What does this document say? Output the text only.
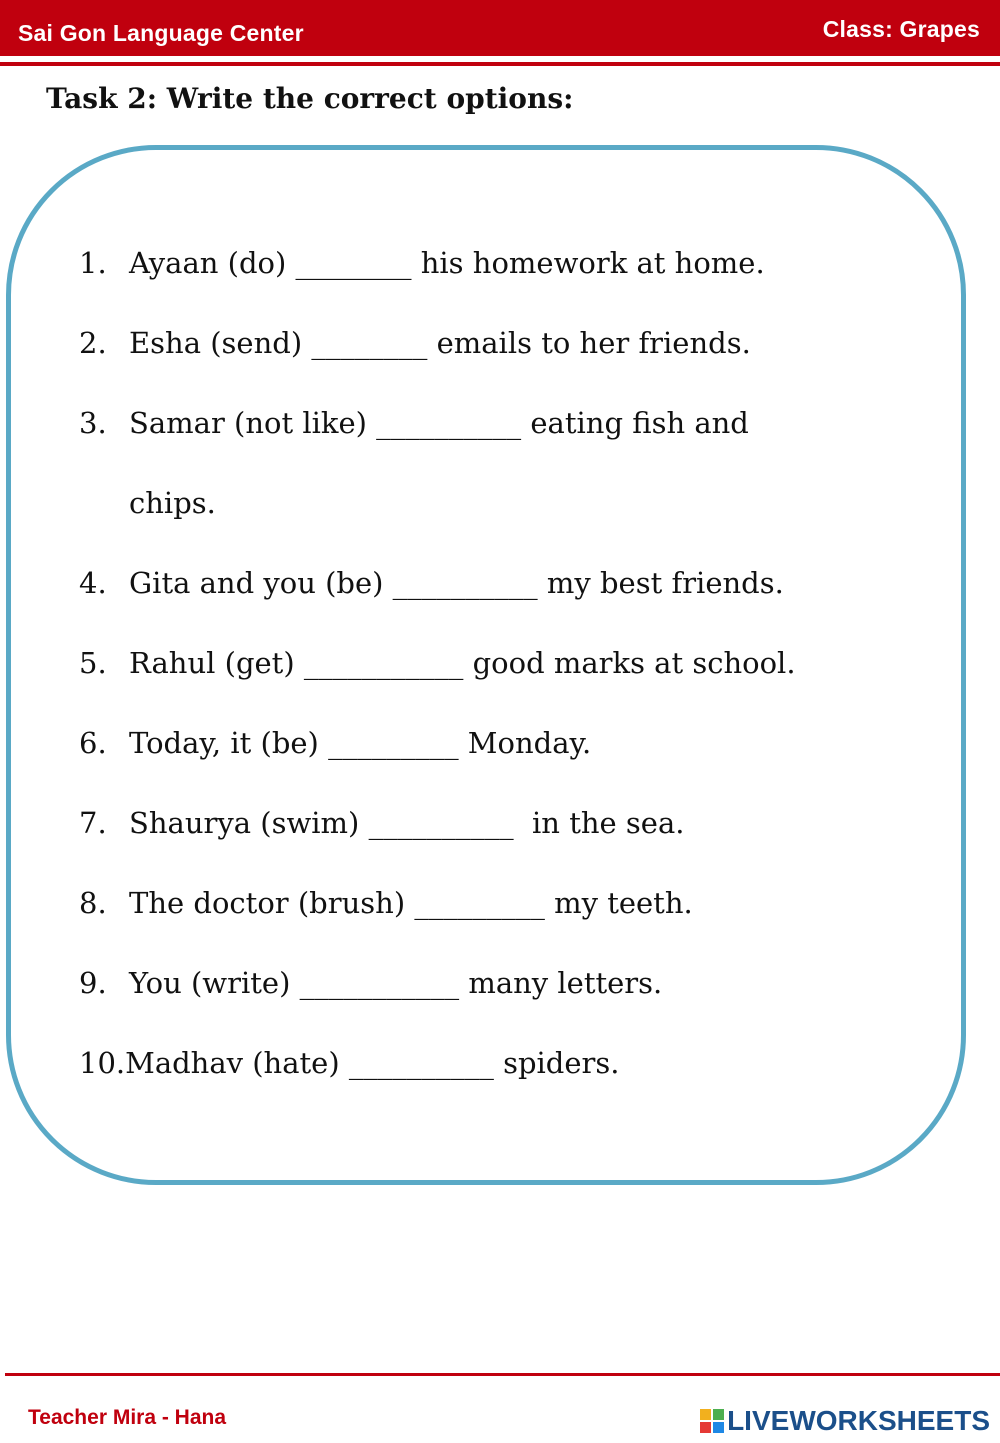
Sai Gon Language Center	Class: Grapes
Task 2: Write the correct options:
1. Ayaan (do) ________ his homework at home.
2. Esha (send) ________ emails to her friends.
3. Samar (not like) __________ eating fish and
chips.
4. Gita and you (be) __________ my best friends.
5. Rahul (get) ___________ good marks at school.
6. Today, it (be) _________ Monday.
7. Shaurya (swim) __________  in the sea.
8. The doctor (brush) _________ my teeth.
9. You (write) ___________ many letters.
10.Madhav (hate) __________ spiders.
Teacher Mira - Hana	LIVEWORKSHEETS
